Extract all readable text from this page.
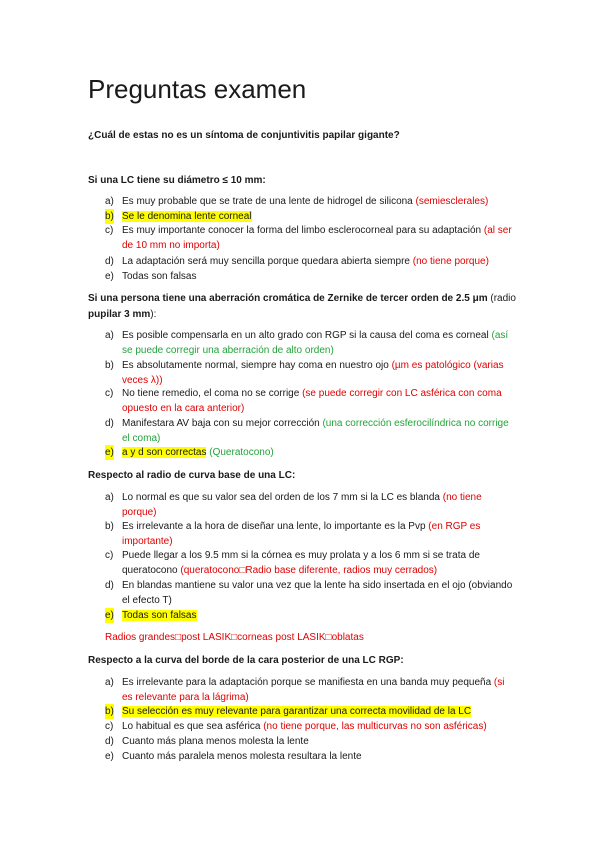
Preguntas examen

¿Cuál de estas no es un síntoma de conjuntivitis papilar gigante?

Si una LC tiene su diámetro ≤ 10 mm:

a) Es muy probable que se trate de una lente de hidrogel de silicona (semiesclerales)
b) Se le denomina lente corneal
c) Es muy importante conocer la forma del limbo esclerocorneal para su adaptación (al ser de 10 mm no importa)
d) La adaptación será muy sencilla porque quedara abierta siempre (no tiene porque)
e) Todas son falsas

Si una persona tiene una aberración cromática de Zernike de tercer orden de 2.5 μm (radio
pupilar 3 mm):

a) Es posible compensarla en un alto grado con RGP si la causa del coma es corneal (así se puede corregir una aberración de alto orden)
b) Es absolutamente normal, siempre hay coma en nuestro ojo (µm es patológico (varias veces λ))
c) No tiene remedio, el coma no se corrige (se puede corregir con LC asférica con coma opuesto en la cara anterior)
d) Manifestara AV baja con su mejor corrección (una corrección esferocilíndrica no corrige el coma)
e) a y d son correctas (Queratocono)

Respecto al radio de curva base de una LC:

a) Lo normal es que su valor sea del orden de los 7 mm si la LC es blanda (no tiene porque)
b) Es irrelevante a la hora de diseñar una lente, lo importante es la Pvp (en RGP es importante)
c) Puede llegar a los 9.5 mm si la córnea es muy prolata y a los 6 mm si se trata de queratocono (queratocono□Radio base diferente, radios muy cerrados)
d) En blandas mantiene su valor una vez que la lente ha sido insertada en el ojo (obviando el efecto T)
e) Todas son falsas

Radios grandes□post LASIK□corneas post LASIK□oblatas

Respecto a la curva del borde de la cara posterior de una LC RGP:

a) Es irrelevante para la adaptación porque se manifiesta en una banda muy pequeña (si es relevante para la lágrima)
b) Su selección es muy relevante para garantizar una correcta movilidad de la LC
c) Lo habitual es que sea asférica (no tiene porque, las multicurvas no son asféricas)
d) Cuanto más plana menos molesta la lente
e) Cuanto más paralela menos molesta resultara la lente
